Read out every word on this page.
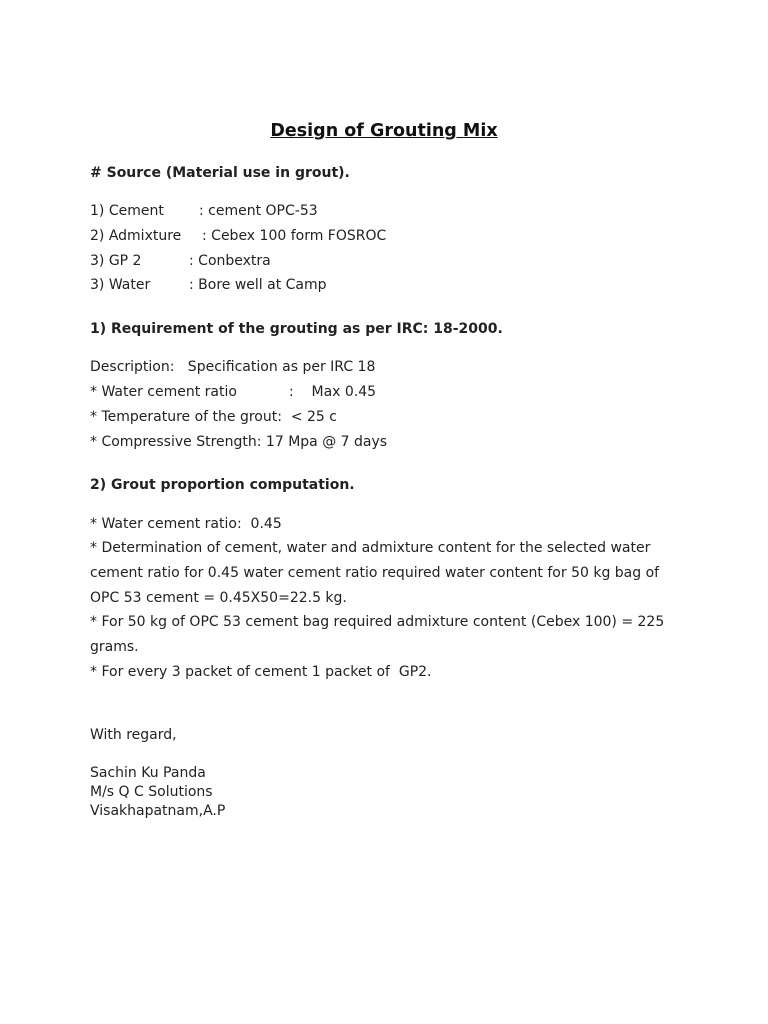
Design of Grouting Mix
# Source (Material use in grout).
1) Cement	: cement OPC-53
2) Admixture : Cebex 100 form FOSROC
3) GP 2	: Conbextra
3) Water	: Bore well at Camp
1) Requirement of the grouting as per IRC: 18-2000.
Description:   Specification as per IRC 18
* Water cement ratio	:    Max 0.45
* Temperature of the grout:  < 25 c
* Compressive Strength: 17 Mpa @ 7 days
2) Grout proportion computation.
* Water cement ratio:  0.45
* Determination of cement, water and admixture content for the selected water cement ratio for 0.45 water cement ratio required water content for 50 kg bag of OPC 53 cement = 0.45X50=22.5 kg.
* For 50 kg of OPC 53 cement bag required admixture content (Cebex 100) = 225 grams.
* For every 3 packet of cement 1 packet of  GP2.
With regard,
Sachin Ku Panda
M/s Q C Solutions
Visakhapatnam,A.P
